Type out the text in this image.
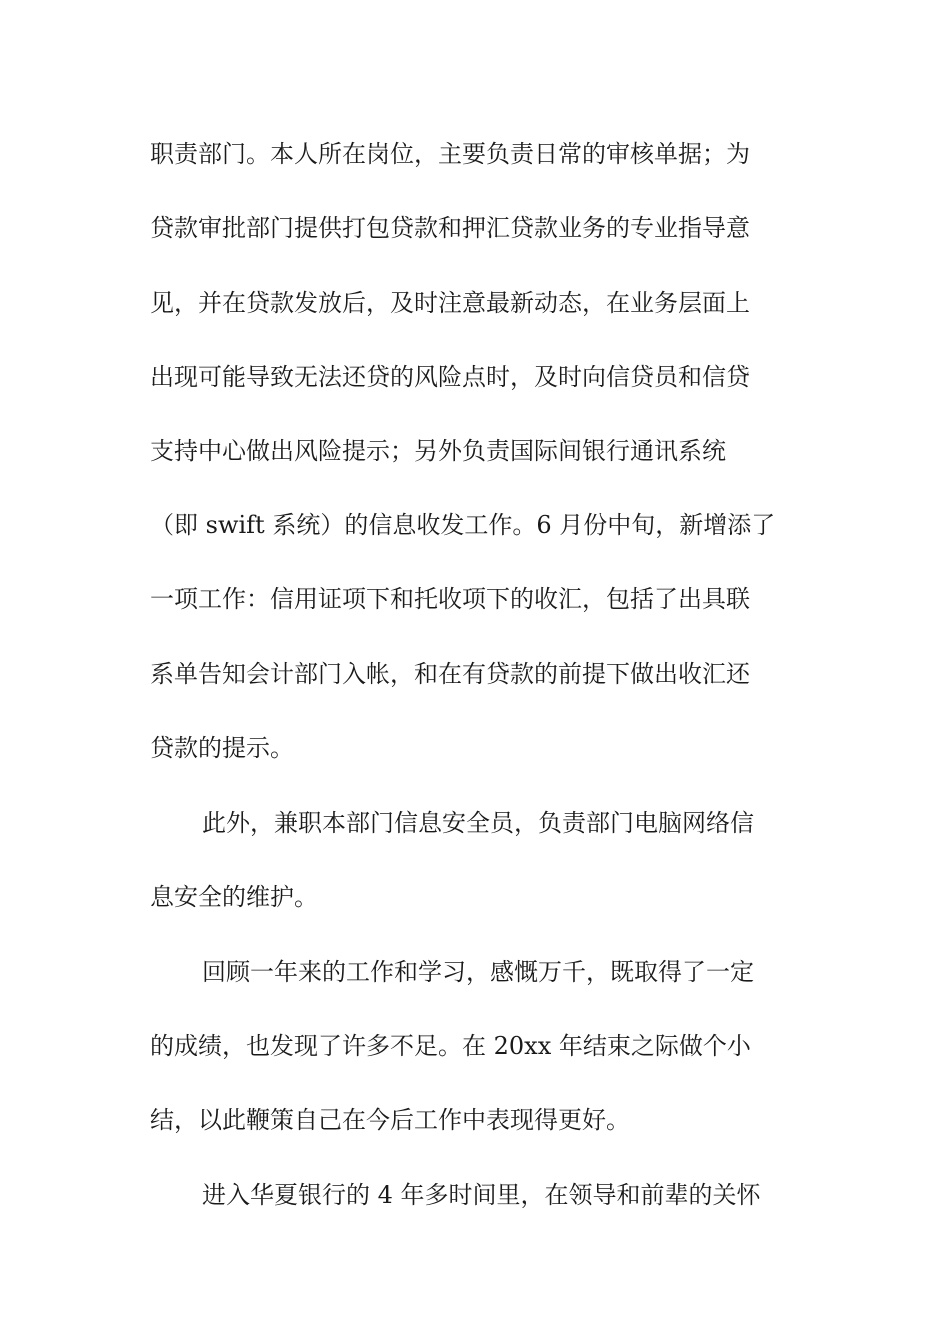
职责部门。本人所在岗位，主要负责日常的审核单据；为

贷款审批部门提供打包贷款和押汇贷款业务的专业指导意

见，并在贷款发放后，及时注意最新动态，在业务层面上

出现可能导致无法还贷的风险点时，及时向信贷员和信贷

支持中心做出风险提示；另外负责国际间银行通讯系统

（即 swift 系统）的信息收发工作。6 月份中旬，新增添了

一项工作：信用证项下和托收项下的收汇，包括了出具联

系单告知会计部门入帐，和在有贷款的前提下做出收汇还

贷款的提示。

此外，兼职本部门信息安全员，负责部门电脑网络信

息安全的维护。

回顾一年来的工作和学习，感慨万千，既取得了一定

的成绩，也发现了许多不足。在 20xx 年结束之际做个小

结，以此鞭策自己在今后工作中表现得更好。

进入华夏银行的 4 年多时间里，在领导和前辈的关怀
